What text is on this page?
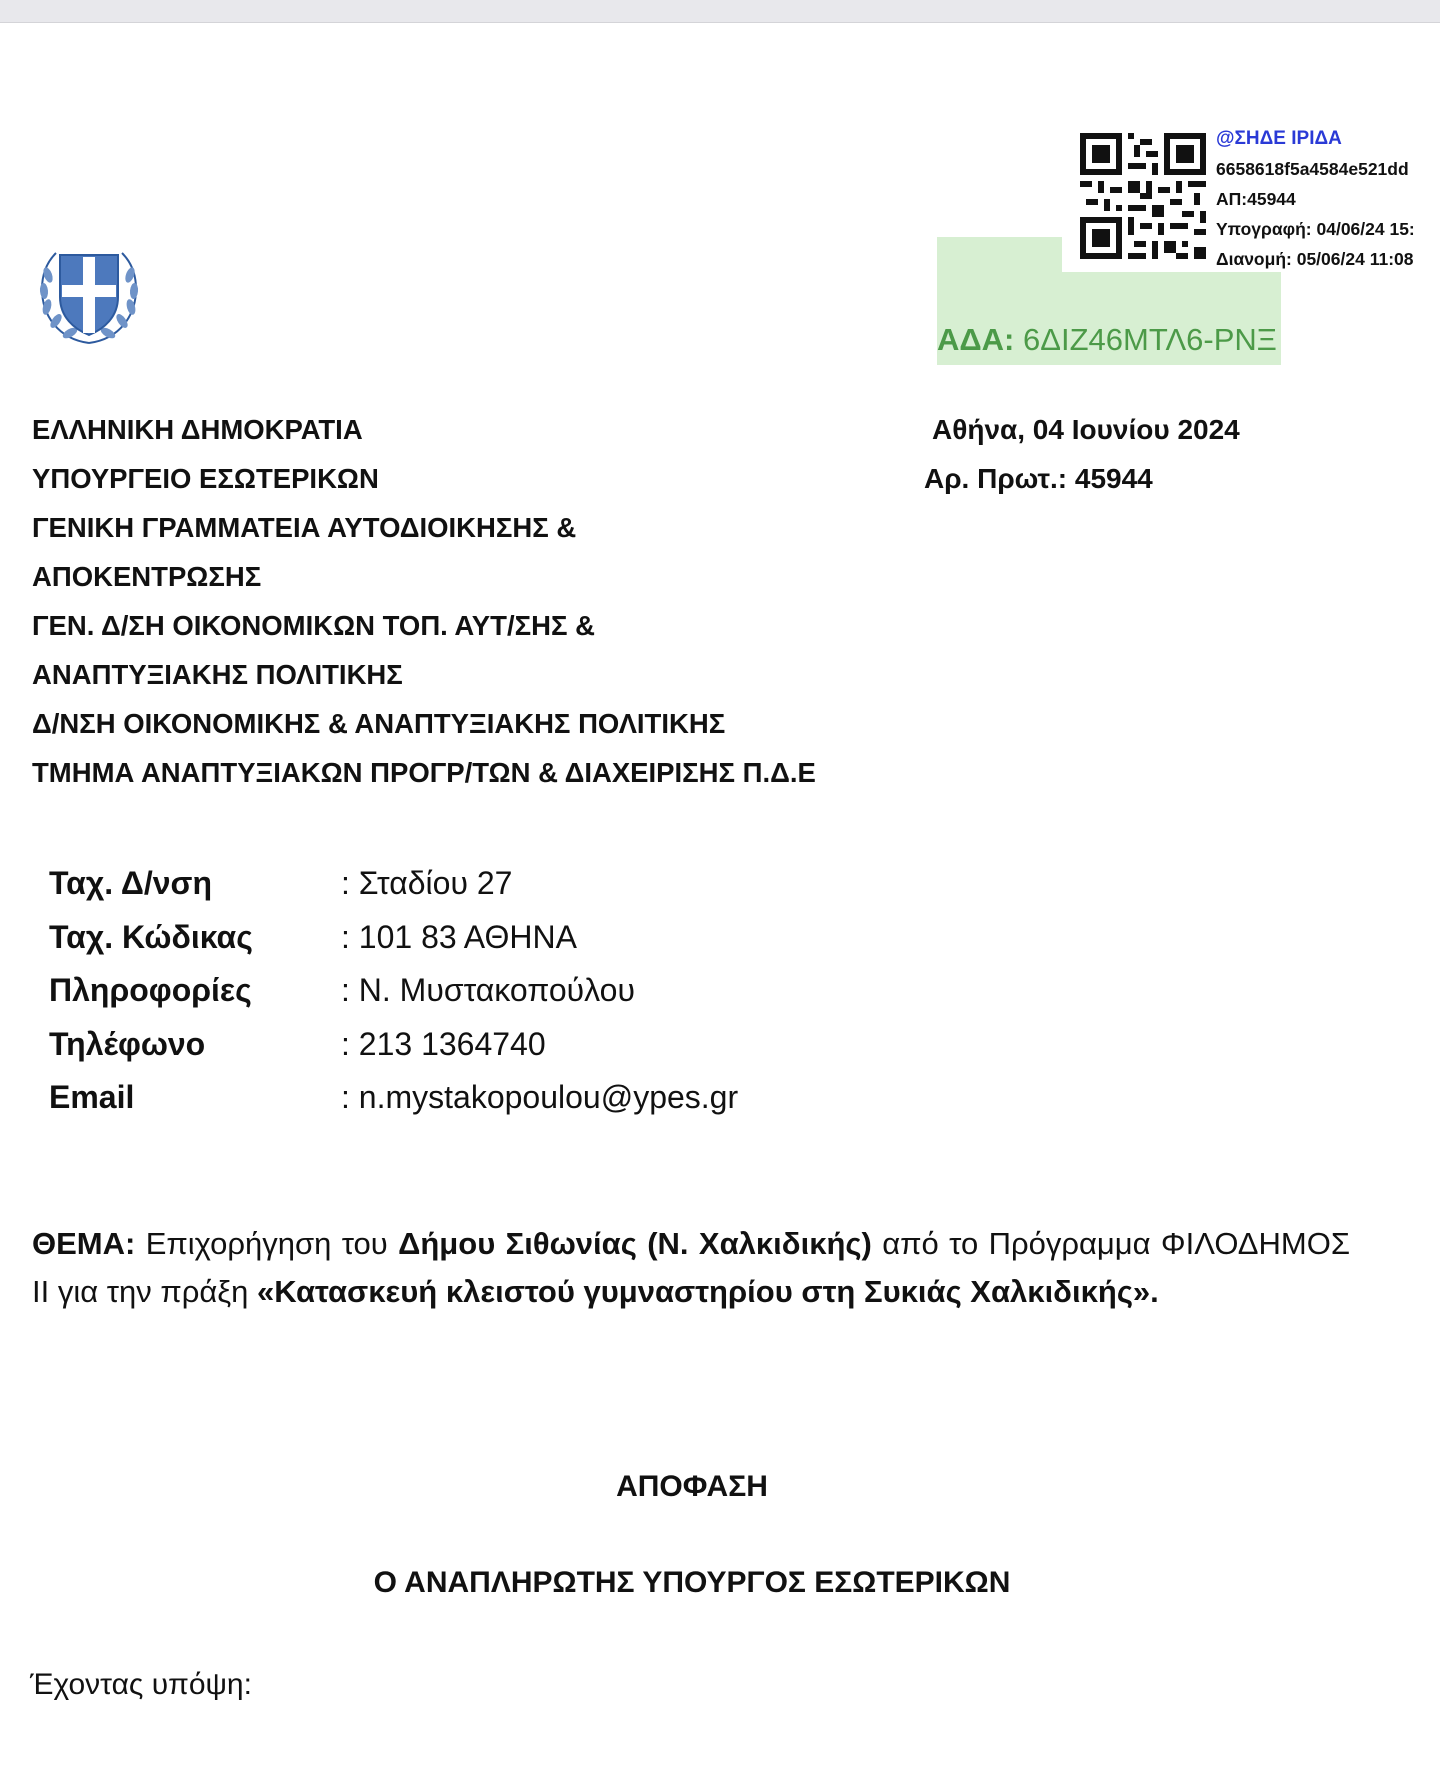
ΑΔΑ: 6ΔΙΖ46ΜΤΛ6-ΡΝΞ
@ΣΗΔΕ ΙΡΙΔΑ
6658618f5a4584e521dd
ΑΠ:45944
Υπογραφή: 04/06/24 15:
Διανομή: 05/06/24 11:08
ΕΛΛΗΝΙΚΗ ΔΗΜΟΚΡΑΤΙΑ
ΥΠΟΥΡΓΕΙΟ ΕΣΩΤΕΡΙΚΩΝ
ΓΕΝΙΚΗ ΓΡΑΜΜΑΤΕΙΑ ΑΥΤΟΔΙΟΙΚΗΣΗΣ &
ΑΠΟΚΕΝΤΡΩΣΗΣ
ΓΕΝ. Δ/ΣΗ ΟΙΚΟΝΟΜΙΚΩΝ ΤΟΠ. ΑΥΤ/ΣΗΣ &
ΑΝΑΠΤΥΞΙΑΚΗΣ ΠΟΛΙΤΙΚΗΣ
Δ/ΝΣΗ ΟΙΚΟΝΟΜΙΚΗΣ & ΑΝΑΠΤΥΞΙΑΚΗΣ ΠΟΛΙΤΙΚΗΣ
ΤΜΗΜΑ ΑΝΑΠΤΥΞΙΑΚΩΝ ΠΡΟΓΡ/ΤΩΝ & ΔΙΑΧΕΙΡΙΣΗΣ Π.Δ.Ε
Αθήνα, 04 Ιουνίου 2024
Αρ. Πρωτ.: 45944
Ταχ. Δ/νση	: Σταδίου 27
Ταχ. Κώδικας	: 101 83 ΑΘΗΝΑ
Πληροφορίες	: Ν. Μυστακοπούλου
Τηλέφωνο	: 213 1364740
Email	: n.mystakopoulou@ypes.gr
ΘΕΜΑ: Επιχορήγηση του Δήμου Σιθωνίας (Ν. Χαλκιδικής) από το Πρόγραμμα ΦΙΛΟΔΗΜΟΣ ΙΙ για την πράξη «Κατασκευή κλειστού γυμναστηρίου στη Συκιάς Χαλκιδικής».
ΑΠΟΦΑΣΗ
Ο ΑΝΑΠΛΗΡΩΤΗΣ ΥΠΟΥΡΓΟΣ ΕΣΩΤΕΡΙΚΩΝ
Έχοντας υπόψη:
